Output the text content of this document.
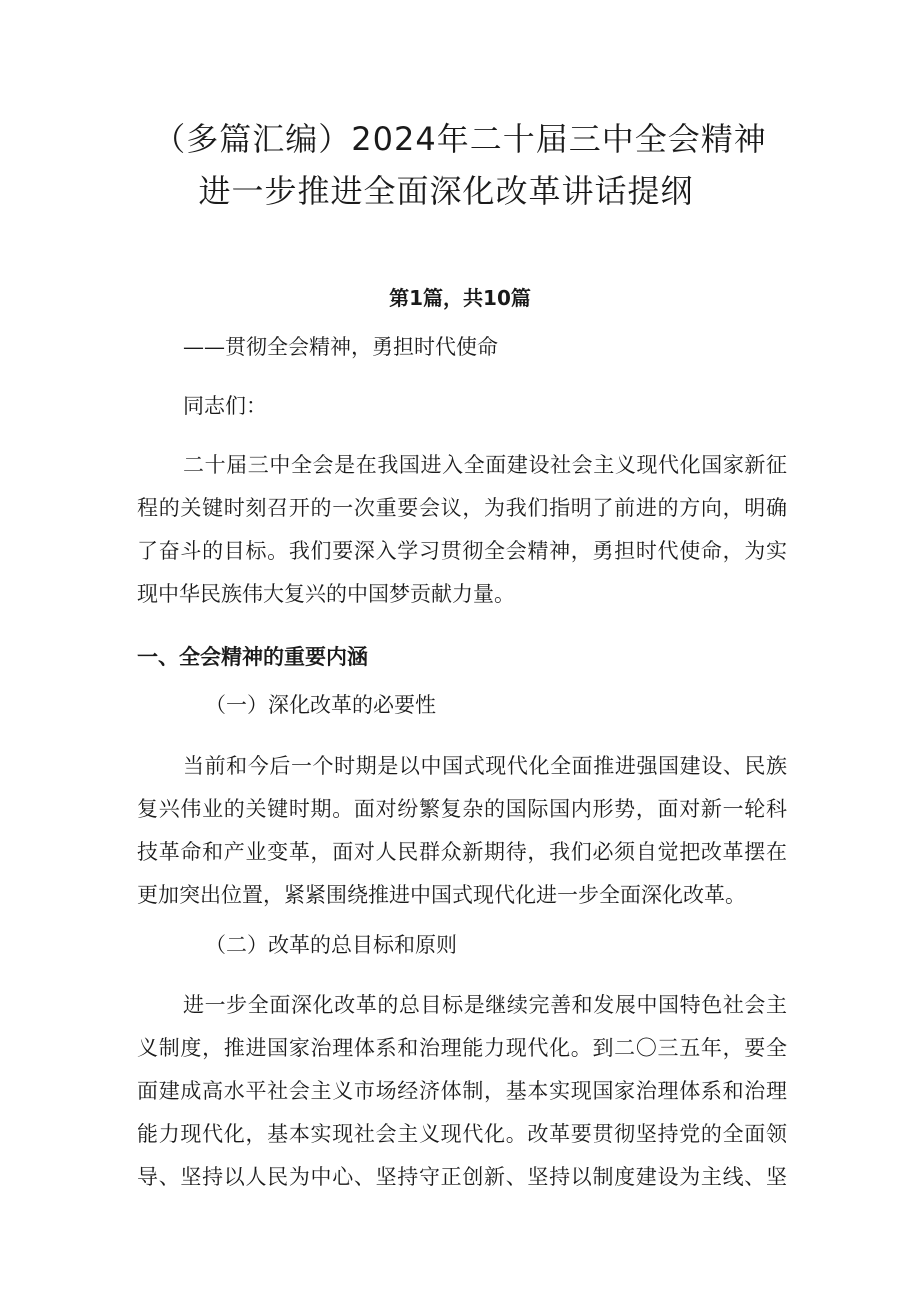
（多篇汇编）2024年二十届三中全会精神
进一步推进全面深化改革讲话提纲
第1篇，共10篇
——贯彻全会精神，勇担时代使命
同志们：
二十届三中全会是在我国进入全面建设社会主义现代化国家新征
程的关键时刻召开的一次重要会议，为我们指明了前进的方向，明确
了奋斗的目标。我们要深入学习贯彻全会精神，勇担时代使命，为实
现中华民族伟大复兴的中国梦贡献力量。
一、全会精神的重要内涵
（一）深化改革的必要性
当前和今后一个时期是以中国式现代化全面推进强国建设、民族
复兴伟业的关键时期。面对纷繁复杂的国际国内形势，面对新一轮科
技革命和产业变革，面对人民群众新期待，我们必须自觉把改革摆在
更加突出位置，紧紧围绕推进中国式现代化进一步全面深化改革。
（二）改革的总目标和原则
进一步全面深化改革的总目标是继续完善和发展中国特色社会主
义制度，推进国家治理体系和治理能力现代化。到二〇三五年，要全
面建成高水平社会主义市场经济体制，基本实现国家治理体系和治理
能力现代化，基本实现社会主义现代化。改革要贯彻坚持党的全面领
导、坚持以人民为中心、坚持守正创新、坚持以制度建设为主线、坚
